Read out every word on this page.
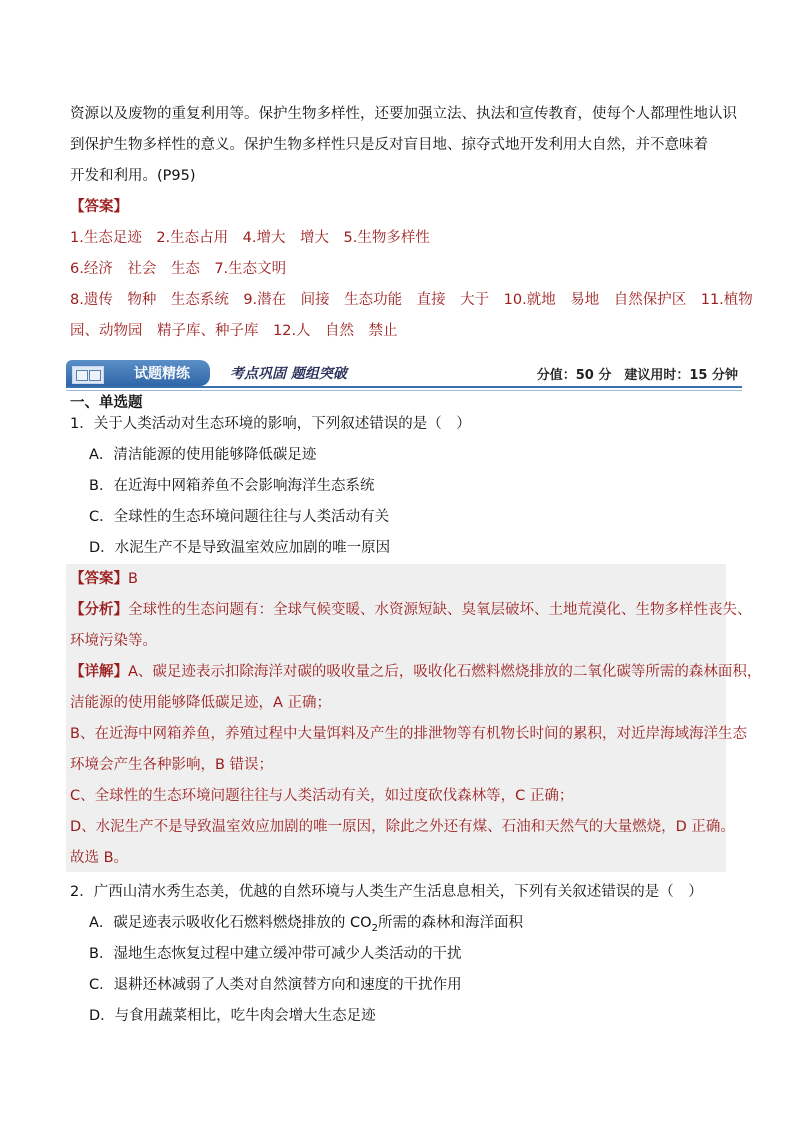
资源以及废物的重复利用等。保护生物多样性，还要加强立法、执法和宣传教育，使每个人都理性地认识
到保护生物多样性的意义。保护生物多样性只是反对盲目地、掠夺式地开发利用大自然，并不意味着
开发和利用。(P95)
【答案】
1.生态足迹　2.生态占用　4.增大　增大　5.生物多样性
6.经济　社会　生态　7.生态文明
8.遗传　物种　生态系统　9.潜在　间接　生态功能　直接　大于　10.就地　易地　自然保护区　11.植物
园、动物园　精子库、种子库　12.人　自然　禁止
试题精练	考点巩固 题组突破	分值：50 分　建议用时：15 分钟
一、单选题
1．关于人类活动对生态环境的影响，下列叙述错误的是（　）
A．清洁能源的使用能够降低碳足迹
B．在近海中网箱养鱼不会影响海洋生态系统
C．全球性的生态环境问题往往与人类活动有关
D．水泥生产不是导致温室效应加剧的唯一原因
【答案】B
【分析】全球性的生态问题有：全球气候变暖、水资源短缺、臭氧层破坏、土地荒漠化、生物多样性丧失、
环境污染等。
【详解】A、碳足迹表示扣除海洋对碳的吸收量之后，吸收化石燃料燃烧排放的二氧化碳等所需的森林面积，
洁能源的使用能够降低碳足迹，A 正确；
B、在近海中网箱养鱼，养殖过程中大量饵料及产生的排泄物等有机物长时间的累积，对近岸海域海洋生态
环境会产生各种影响，B 错误；
C、全球性的生态环境问题往往与人类活动有关，如过度砍伐森林等，C 正确；
D、水泥生产不是导致温室效应加剧的唯一原因，除此之外还有煤、石油和天然气的大量燃烧，D 正确。
故选 B。
2．广西山清水秀生态美，优越的自然环境与人类生产生活息息相关，下列有关叙述错误的是（　）
A．碳足迹表示吸收化石燃料燃烧排放的 $CO_2$所需的森林和海洋面积
B．湿地生态恢复过程中建立缓冲带可减少人类活动的干扰
C．退耕还林减弱了人类对自然演替方向和速度的干扰作用
D．与食用蔬菜相比，吃牛肉会增大生态足迹
